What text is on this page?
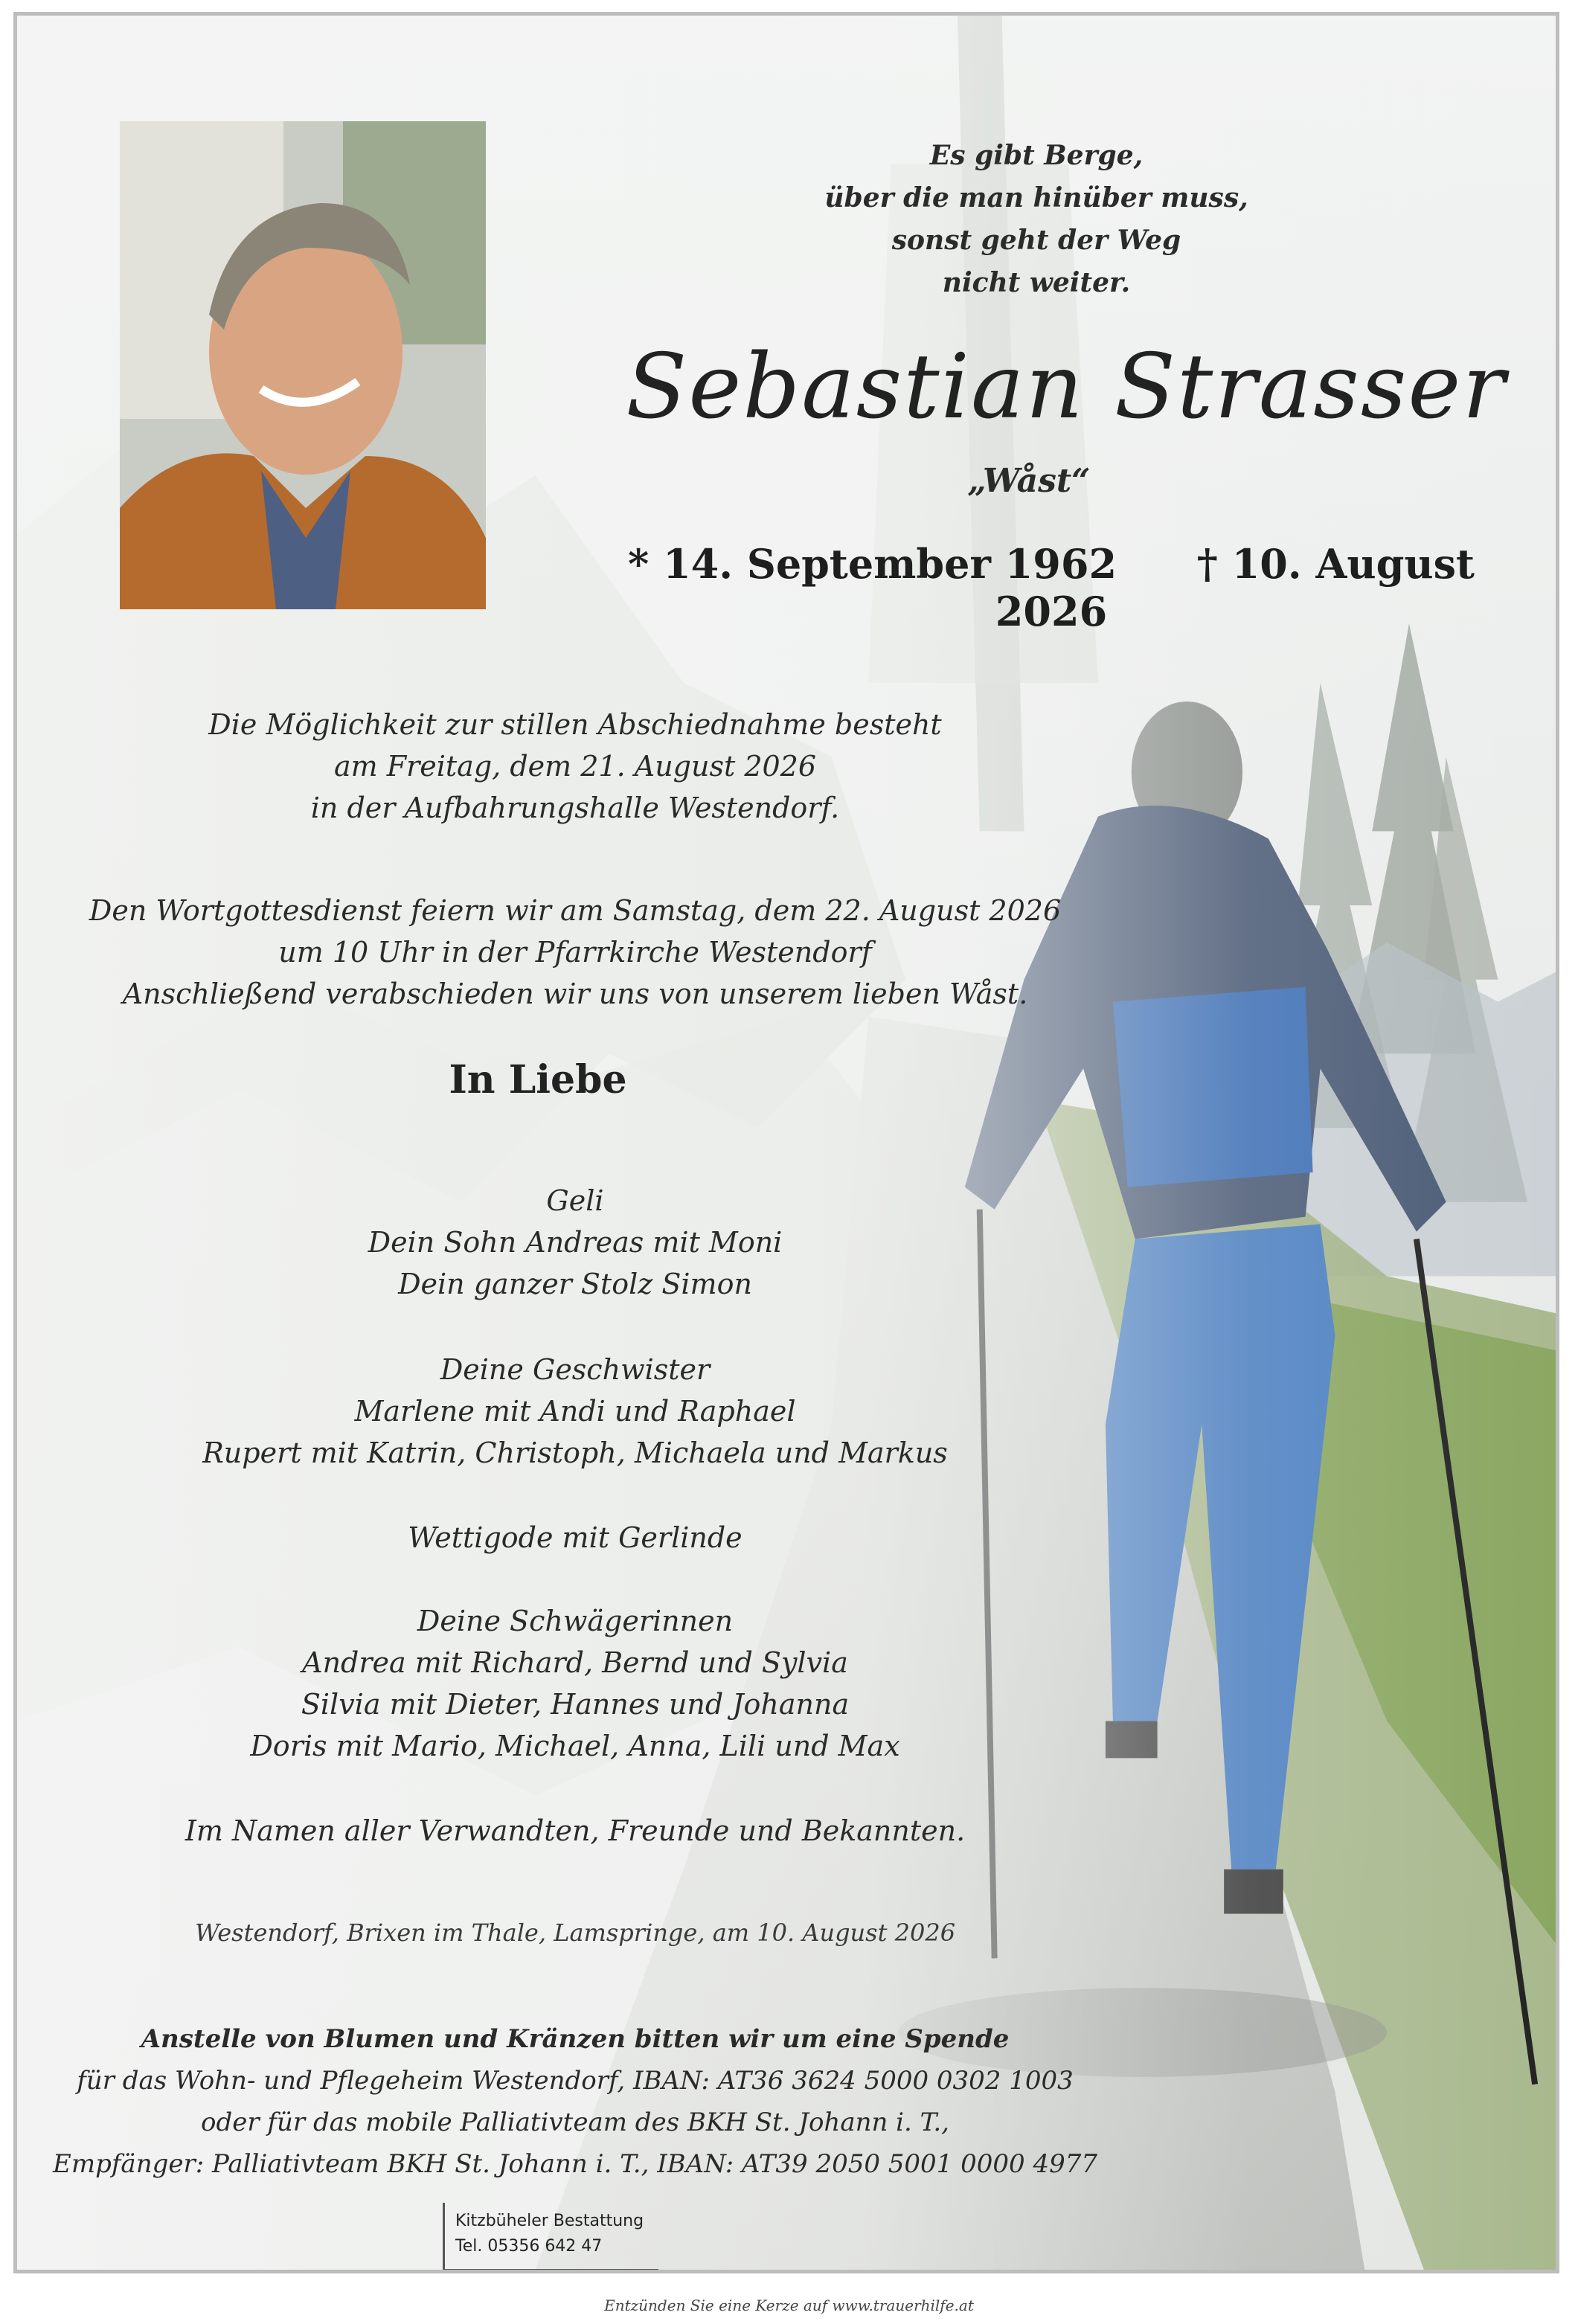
Es gibt Berge,
über die man hinüber muss,
sonst geht der Weg
nicht weiter.
Sebastian Strasser
„Wåst“
* 14. September 1962 † 10. August 2026
Die Möglichkeit zur stillen Abschiednahme besteht
am Freitag, dem 21. August 2026
in der Aufbahrungshalle Westendorf.
Den Wortgottesdienst feiern wir am Samstag, dem 22. August 2026
um 10 Uhr in der Pfarrkirche Westendorf
Anschließend verabschieden wir uns von unserem lieben Wåst.
In Liebe
Geli
Dein Sohn Andreas mit Moni
Dein ganzer Stolz Simon
Deine Geschwister
Marlene mit Andi und Raphael
Rupert mit Katrin, Christoph, Michaela und Markus
Wettigode mit Gerlinde
Deine Schwägerinnen
Andrea mit Richard, Bernd und Sylvia
Silvia mit Dieter, Hannes und Johanna
Doris mit Mario, Michael, Anna, Lili und Max
Im Namen aller Verwandten, Freunde und Bekannten.
Westendorf, Brixen im Thale, Lamspringe, am 10. August 2026
Anstelle von Blumen und Kränzen bitten wir um eine Spende
für das Wohn- und Pflegeheim Westendorf, IBAN: AT36 3624 5000 0302 1003
oder für das mobile Palliativteam des BKH St. Johann i. T.,
Empfänger: Palliativteam BKH St. Johann i. T., IBAN: AT39 2050 5001 0000 4977
Kitzbüheler Bestattung
Tel. 05356 642 47
Entzünden Sie eine Kerze auf www.trauerhilfe.at
